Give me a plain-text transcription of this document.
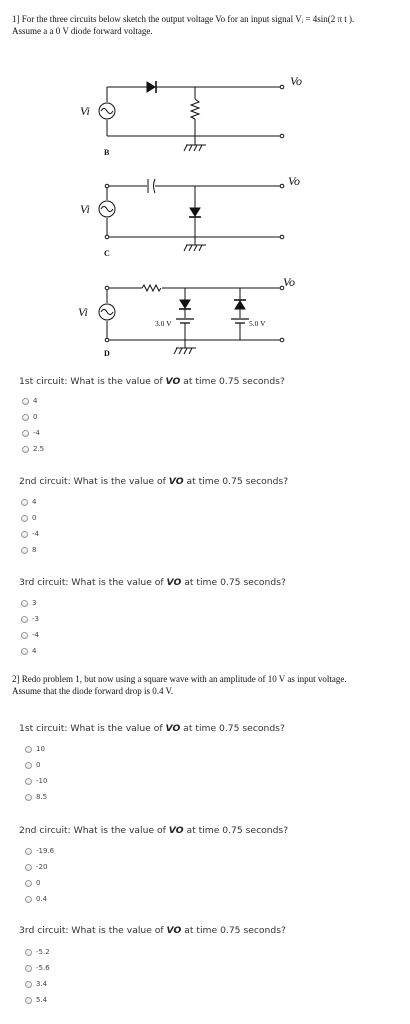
1] For the three circuits below sketch the output voltage Vo for an input signal Vᵢ = 4sin(2 π t ).
Assume a a 0 V diode forward voltage.
Vi
Vo
B
Vi
Vo
C
Vi
Vo
D
3.0 V	5.0 V
1st circuit: What is the value of VO at time 0.75 seconds?
2nd circuit: What is the value of VO at time 0.75 seconds?
3rd circuit: What is the value of VO at time 0.75 seconds?
2] Redo problem 1, but now using a square wave with an amplitude of 10 V as input voltage.
Assume that the diode forward drop is 0.4 V.
1st circuit: What is the value of VO at time 0.75 seconds?
2nd circuit: What is the value of VO at time 0.75 seconds?
3rd circuit: What is the value of VO at time 0.75 seconds?
4
0
-4
2.5
4
0
-4
8
3
-3
-4
4
10
0
-10
8.5
-19.6
-20
0
0.4
-5.2
-5.6
3.4
5.4
